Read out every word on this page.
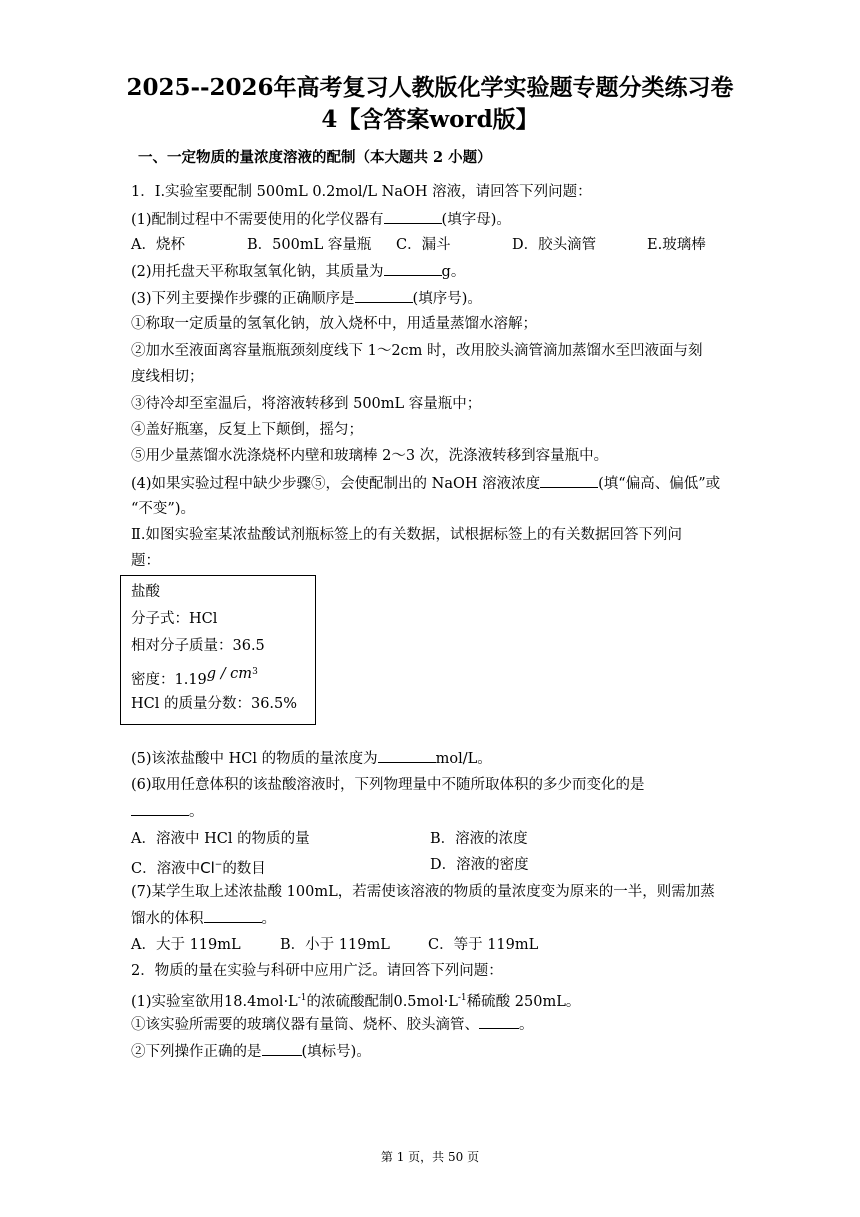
2025--2026年高考复习人教版化学实验题专题分类练习卷
4【含答案word版】
一、一定物质的量浓度溶液的配制（本大题共 2 小题）
1．Ⅰ.实验室要配制 500mL 0.2mol/L NaOH 溶液，请回答下列问题：
(1)配制过程中不需要使用的化学仪器有	(填字母)。
A．烧杯	B．500mL 容量瓶 C．漏斗	D．胶头滴管	E.玻璃棒
(2)用托盘天平称取氢氧化钠，其质量为	g。
(3)下列主要操作步骤的正确顺序是	(填序号)。
①称取一定质量的氢氧化钠，放入烧杯中，用适量蒸馏水溶解；
②加水至液面离容量瓶瓶颈刻度线下 1～2cm 时，改用胶头滴管滴加蒸馏水至凹液面与刻
度线相切；
③待冷却至室温后，将溶液转移到 500mL 容量瓶中；
④盖好瓶塞，反复上下颠倒，摇匀；
⑤用少量蒸馏水洗涤烧杯内壁和玻璃棒 2～3 次，洗涤液转移到容量瓶中。
(4)如果实验过程中缺少步骤⑤，会使配制出的 NaOH 溶液浓度	(填“偏高、偏低”或
“不变”)。
Ⅱ.如图实验室某浓盐酸试剂瓶标签上的有关数据，试根据标签上的有关数据回答下列问
题：
盐酸
分子式：HCl
相对分子质量：36.5
密度：$1.19g / cm^3$
HCl 的质量分数：36.5%
(5)该浓盐酸中 HCl 的物质的量浓度为	mol/L。
(6)取用任意体积的该盐酸溶液时，下列物理量中不随所取体积的多少而变化的是
。
A．溶液中 HCl 的物质的量	B．溶液的浓度
C．溶液中Cl−的数目	D．溶液的密度
(7)某学生取上述浓盐酸 100mL，若需使该溶液的物质的量浓度变为原来的一半，则需加蒸
馏水的体积	。
A．大于 119mL	B．小于 119mL	C．等于 119mL
2．物质的量在实验与科研中应用广泛。请回答下列问题：
(1)实验室欲用$18.4mol\cdot L^{-1}$的浓硫酸配制$0.5mol\cdot L^{-1}$稀硫酸 250mL。
①该实验所需要的玻璃仪器有量筒、烧杯、胶头滴管、	。
②下列操作正确的是	(填标号)。
第 1 页，共 50 页
